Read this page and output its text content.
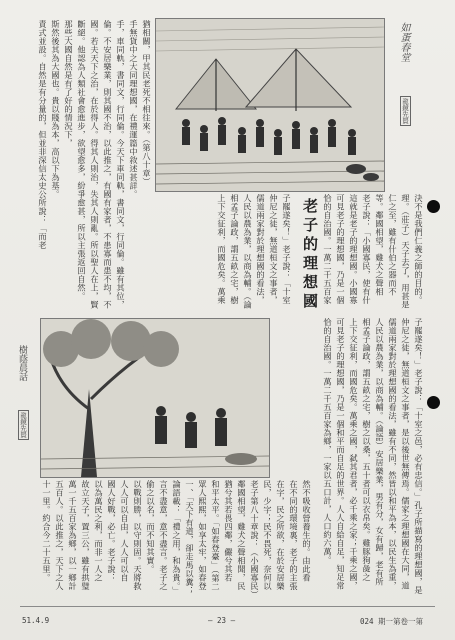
如蛋春堂
龍鏡先賢
決不是我們仁義之師的目的。
理。（莊子）天子去了，用甚是
仁之至，雖有什伯之器而不
等。鄰國相望，雞犬之聲相
老子說：「小國寡民，使有什
這就是老子的理想國。小國寡
可見老子的理想國，乃是一個
恰的自治國。一萬二千五百家
老子的理想國
子罷遂矣！」老子說：「十室
仲尼之徒，無道桓文之事者，
儒道兩家對於理想國的看法，
人民以農為業，以商為輔。（論
相孟子論政，謂五畝之宅，樹
上下交征利，而國危矣。萬乘
猶相關，甲其民老死不相往來。（第八十章）
手無貨中之大同理想國，在禮運篇中敘述甚詳。
手，車同軌，書同文，行同倫。今天下車同軌，書同文，行同倫。雖有其位，
倫。不安居樂業，則其國不治，以此推之，有國有家者，不患寡而患不均，不
國。若夫天下之治，在於得人。得其人則治，失其人則亂。所以聖人在上，賢
斷絕。他認為人類社會愈進步，欲望愈多，紛爭愈甚，所以主張返回自然。
那些大國自然是有了好的情況下，
斯然後其為大國也。貴以賤為本，高以下為基。
責式並設。自然是有分量的，但並非深信太史公所說：「而老
樹蔭晨話
龍鏡先賢
然不吸收營養生的。由此看
在不同的環境裏，老子的主張
在字，民之所欲，在於安居樂
民，少字；民不畏死，奈何以
老子第八十章說：（小國寡民）
鄰國相望，雞犬之聲相聞，民
猶兮其若畏四鄰，儼兮其若
和平太平。「如春登臺」（第二
眾人熙熙，如享太牢，如春登
一、「天下有道，卻走馬以糞；
論語載：「禮之用，和為貴。」
言不盡意，意不盡言。老子之
偷之以名，而不知其實。
以戰則勝，以守則固。天將救
人人可以自由，人人可以自
國人好戰，必亡。老子說：
以為萬民之利，而非一人之
故立天子，置三公，雖有拱璧
萬一千五百家為鄉，以一鄉計
五百人。以此推之，天下之人
十一里。約合今二十五里。
子罷遂矣！」老子說：「十室之邑，必有忠信。」孔子所描寫的理想國，是
仲尼之徒，無道桓文之事者，是以後世無傳焉。儒家之理想國在大同，道
儒道兩家對於理想國的看法，雖有不同，然皆以和平為本，以民生為重，
人民以農為業，以商為輔。（論語）安居樂業，男有分，女有歸，老有所
相孟子論政，謂五畝之宅，樹之以桑，五十者可以衣帛矣。雞豚狗彘之
上下交征利，而國危矣。萬乘之國，弑其君者，必千乘之家；千乘之國，
可見老子的理想國，乃是一個和平而自足的世界。人人自給自足，知足常
恰的自治國。一萬二千五百家為鄉，一家以五口計，人口約六萬。
51.4.9	— 23 —	024 期一第卷一第
